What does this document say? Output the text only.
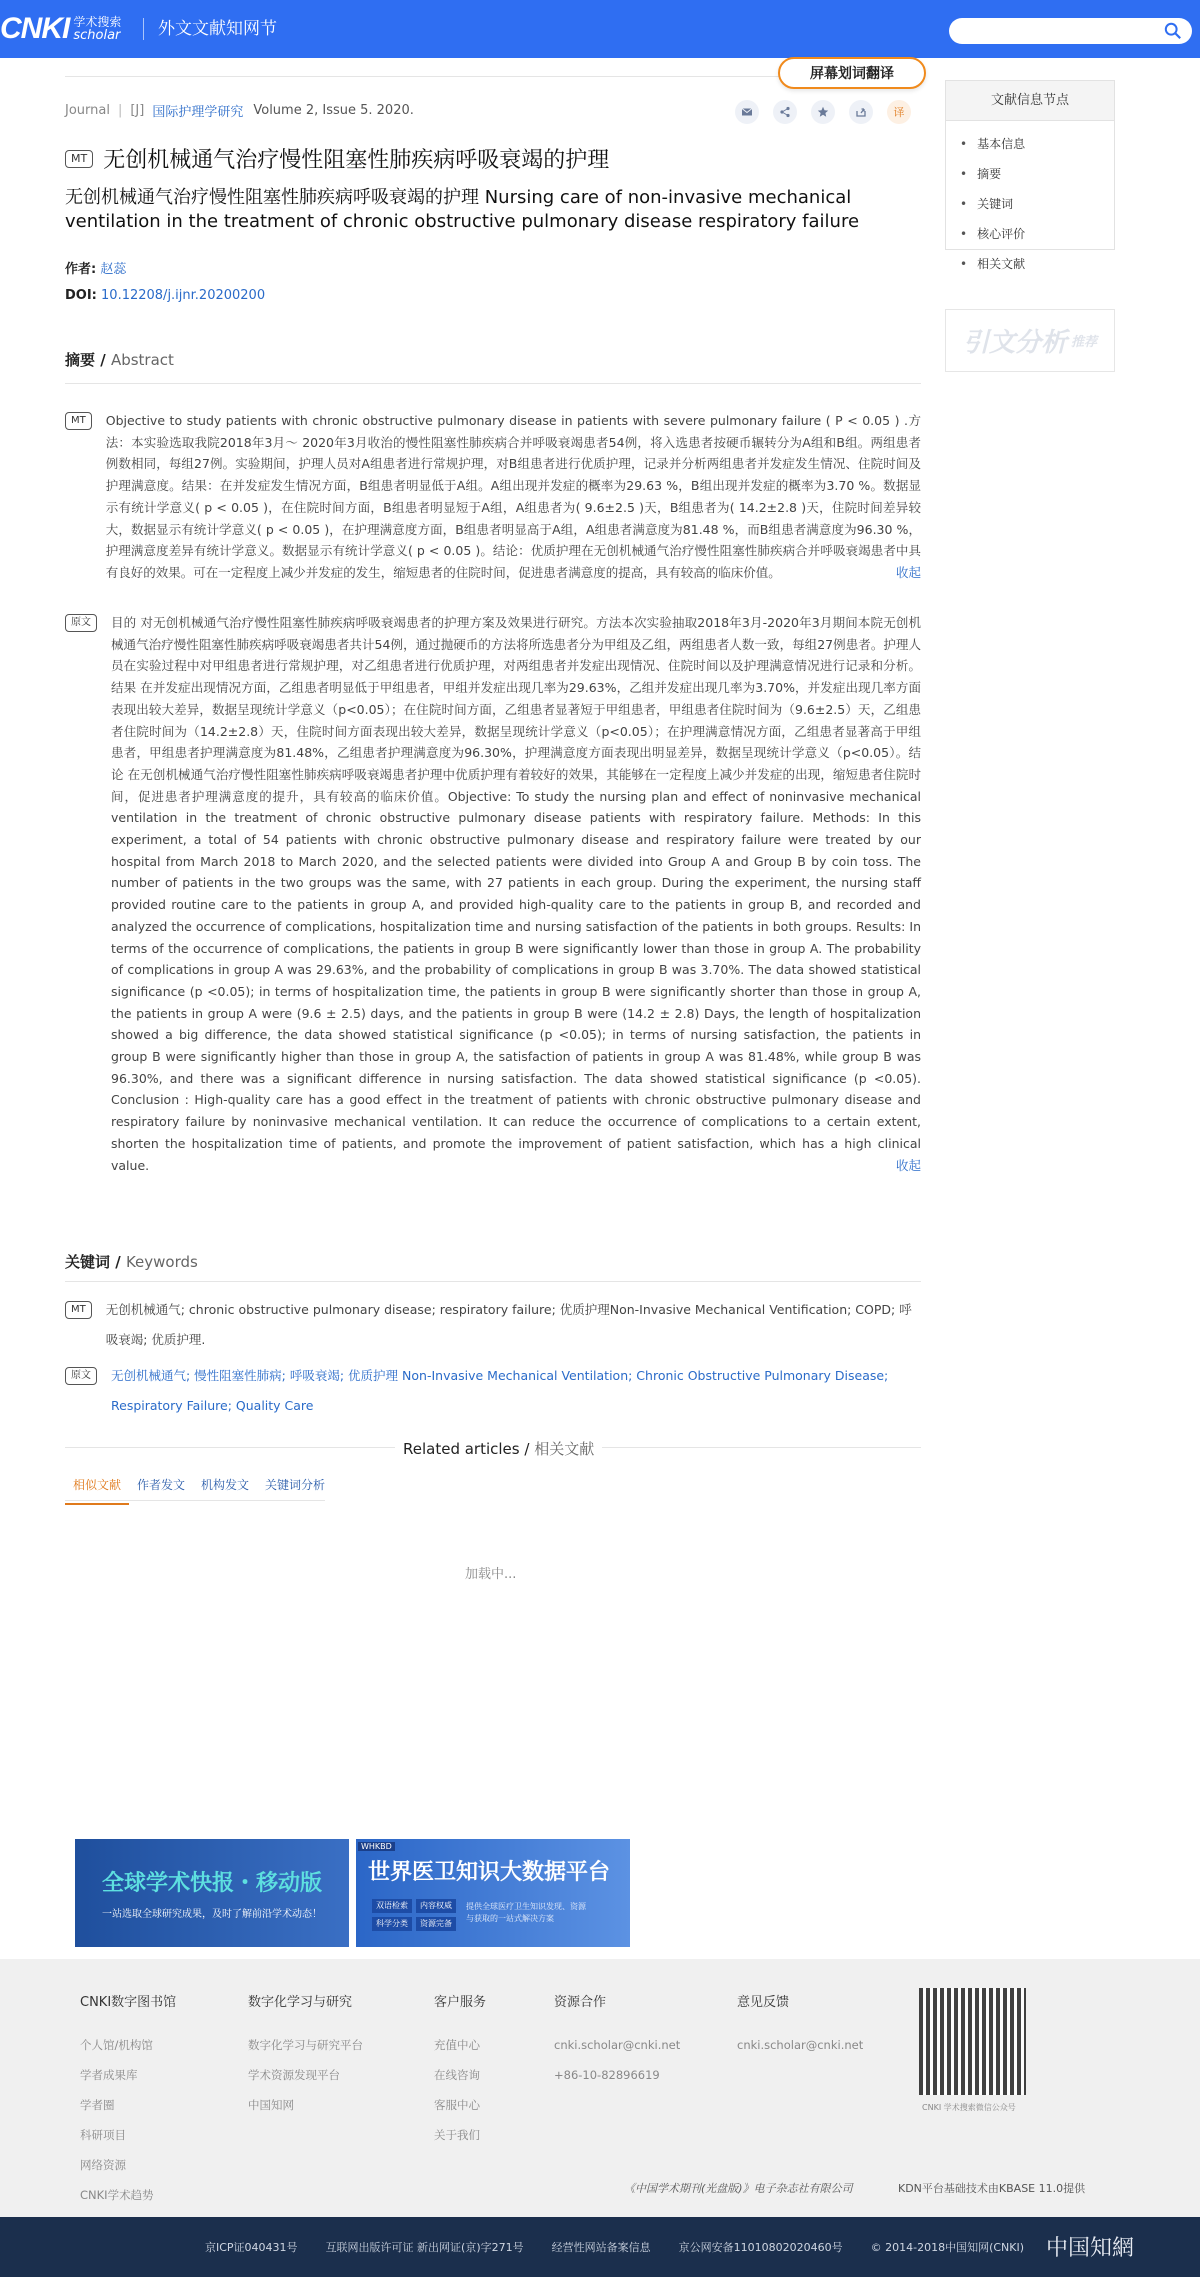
CNKI 学术搜索
scholar	外文文献知网节
Journal | [J] 国际护理学研究 Volume 2, Issue 5. 2020.	译
MT 无创机械通气治疗慢性阻塞性肺疾病呼吸衰竭的护理
无创机械通气治疗慢性阻塞性肺疾病呼吸衰竭的护理 Nursing care of non-invasive mechanical ventilation in the treatment of chronic obstructive pulmonary disease respiratory failure
作者: 赵蕊
DOI: 10.12208/j.ijnr.20200200
摘要 / Abstract
MT	Objective to study patients with chronic obstructive pulmonary disease in patients with severe pulmonary failure ( P < 0.05 ) .方法：本实验选取我院2018年3月～ 2020年3月收治的慢性阻塞性肺疾病合并呼吸衰竭患者54例，将入选患者按硬币辗转分为A组和B组。两组患者例数相同，每组27例。实验期间，护理人员对A组患者进行常规护理，对B组患者进行优质护理，记录并分析两组患者并发症发生情况、住院时间及护理满意度。结果：在并发症发生情况方面，B组患者明显低于A组。A组出现并发症的概率为29.63 %，B组出现并发症的概率为3.70 %。数据显示有统计学意义( p < 0.05 )，在住院时间方面，B组患者明显短于A组，A组患者为( 9.6±2.5 )天，B组患者为( 14.2±2.8 )天，住院时间差异较大，数据显示有统计学意义( p < 0.05 )，在护理满意度方面，B组患者明显高于A组，A组患者满意度为81.48 %，而B组患者满意度为96.30 %，护理满意度差异有统计学意义。数据显示有统计学意义( p < 0.05 )。结论：优质护理在无创机械通气治疗慢性阻塞性肺疾病合并呼吸衰竭患者中具有良好的效果。可在一定程度上减少并发症的发生，缩短患者的住院时间，促进患者满意度的提高，具有较高的临床价值。	收起

原文	目的 对无创机械通气治疗慢性阻塞性肺疾病呼吸衰竭患者的护理方案及效果进行研究。方法本次实验抽取2018年3月-2020年3月期间本院无创机械通气治疗慢性阻塞性肺疾病呼吸衰竭患者共计54例，通过抛硬币的方法将所选患者分为甲组及乙组，两组患者人数一致，每组27例患者。护理人员在实验过程中对甲组患者进行常规护理，对乙组患者进行优质护理，对两组患者并发症出现情况、住院时间以及护理满意情况进行记录和分析。结果 在并发症出现情况方面，乙组患者明显低于甲组患者，甲组并发症出现几率为29.63%，乙组并发症出现几率为3.70%，并发症出现几率方面表现出较大差异，数据呈现统计学意义（p<0.05）；在住院时间方面，乙组患者显著短于甲组患者，甲组患者住院时间为（9.6±2.5）天，乙组患者住院时间为（14.2±2.8）天，住院时间方面表现出较大差异，数据呈现统计学意义（p<0.05）；在护理满意情况方面，乙组患者显著高于甲组患者，甲组患者护理满意度为81.48%，乙组患者护理满意度为96.30%，护理满意度方面表现出明显差异，数据呈现统计学意义（p<0.05）。结论 在无创机械通气治疗慢性阻塞性肺疾病呼吸衰竭患者护理中优质护理有着较好的效果，其能够在一定程度上减少并发症的出现，缩短患者住院时间，促进患者护理满意度的提升，具有较高的临床价值。Objective: To study the nursing plan and effect of noninvasive mechanical ventilation in the treatment of chronic obstructive pulmonary disease patients with respiratory failure. Methods: In this experiment, a total of 54 patients with chronic obstructive pulmonary disease and respiratory failure were treated by our hospital from March 2018 to March 2020, and the selected patients were divided into Group A and Group B by coin toss. The number of patients in the two groups was the same, with 27 patients in each group. During the experiment, the nursing staff provided routine care to the patients in group A, and provided high-quality care to the patients in group B, and recorded and analyzed the occurrence of complications, hospitalization time and nursing satisfaction of the patients in both groups. Results: In terms of the occurrence of complications, the patients in group B were significantly lower than those in group A. The probability of complications in group A was 29.63%, and the probability of complications in group B was 3.70%. The data showed statistical significance (p <0.05); in terms of hospitalization time, the patients in group B were significantly shorter than those in group A, the patients in group A were (9.6 ± 2.5) days, and the patients in group B were (14.2 ± 2.8) Days, the length of hospitalization showed a big difference, the data showed statistical significance (p <0.05); in terms of nursing satisfaction, the patients in group B were significantly higher than those in group A, the satisfaction of patients in group A was 81.48%, while group B was 96.30%, and there was a significant difference in nursing satisfaction. The data showed statistical significance (p <0.05). Conclusion : High-quality care has a good effect in the treatment of patients with chronic obstructive pulmonary disease and respiratory failure by noninvasive mechanical ventilation. It can reduce the occurrence of complications to a certain extent, shorten the hospitalization time of patients, and promote the improvement of patient satisfaction, which has a high clinical value.	收起

关键词 / Keywords
MT	无创机械通气; chronic obstructive pulmonary disease; respiratory failure; 优质护理Non-Invasive Mechanical Ventification; COPD; 呼吸衰竭; 优质护理.

原文	无创机械通气; 慢性阻塞性肺病; 呼吸衰竭; 优质护理 Non-Invasive Mechanical Ventilation; Chronic Obstructive Pulmonary Disease; Respiratory Failure; Quality Care

Related articles / 相关文献
相似文献	作者发文	机构发文	关键词分析
加载中...
屏幕划词翻译
文献信息节点
• 基本信息
• 摘要
• 关键词
• 核心评价
• 相关文献
引文分析 推荐
全球学术快报・移动版
一站选取全球研究成果，及时了解前沿学术动态！
WHKBD
世界医卫知识大数据平台
双语检索	内容权威
科学分类	资源完备
提供全球医疗卫生知识发现、资源与获取的一站式解决方案
CNKI数字图书馆
个人馆/机构馆
学者成果库
学者圈
科研项目
网络资源
CNKI学术趋势
数字化学习与研究
数字化学习与研究平台
学术资源发现平台
中国知网
客户服务
充值中心
在线咨询
客服中心
关于我们
资源合作
cnki.scholar@cnki.net
+86-10-82896619
意见反馈
cnki.scholar@cnki.net
CNKI 学术搜索微信公众号
《中国学术期刊(光盘版)》电子杂志社有限公司	KDN平台基础技术由KBASE 11.0提供
京ICP证040431号	互联网出版许可证 新出网证(京)字271号	经营性网站备案信息	京公网安备11010802020460号	© 2014-2018中国知网(CNKI) 中国知網
